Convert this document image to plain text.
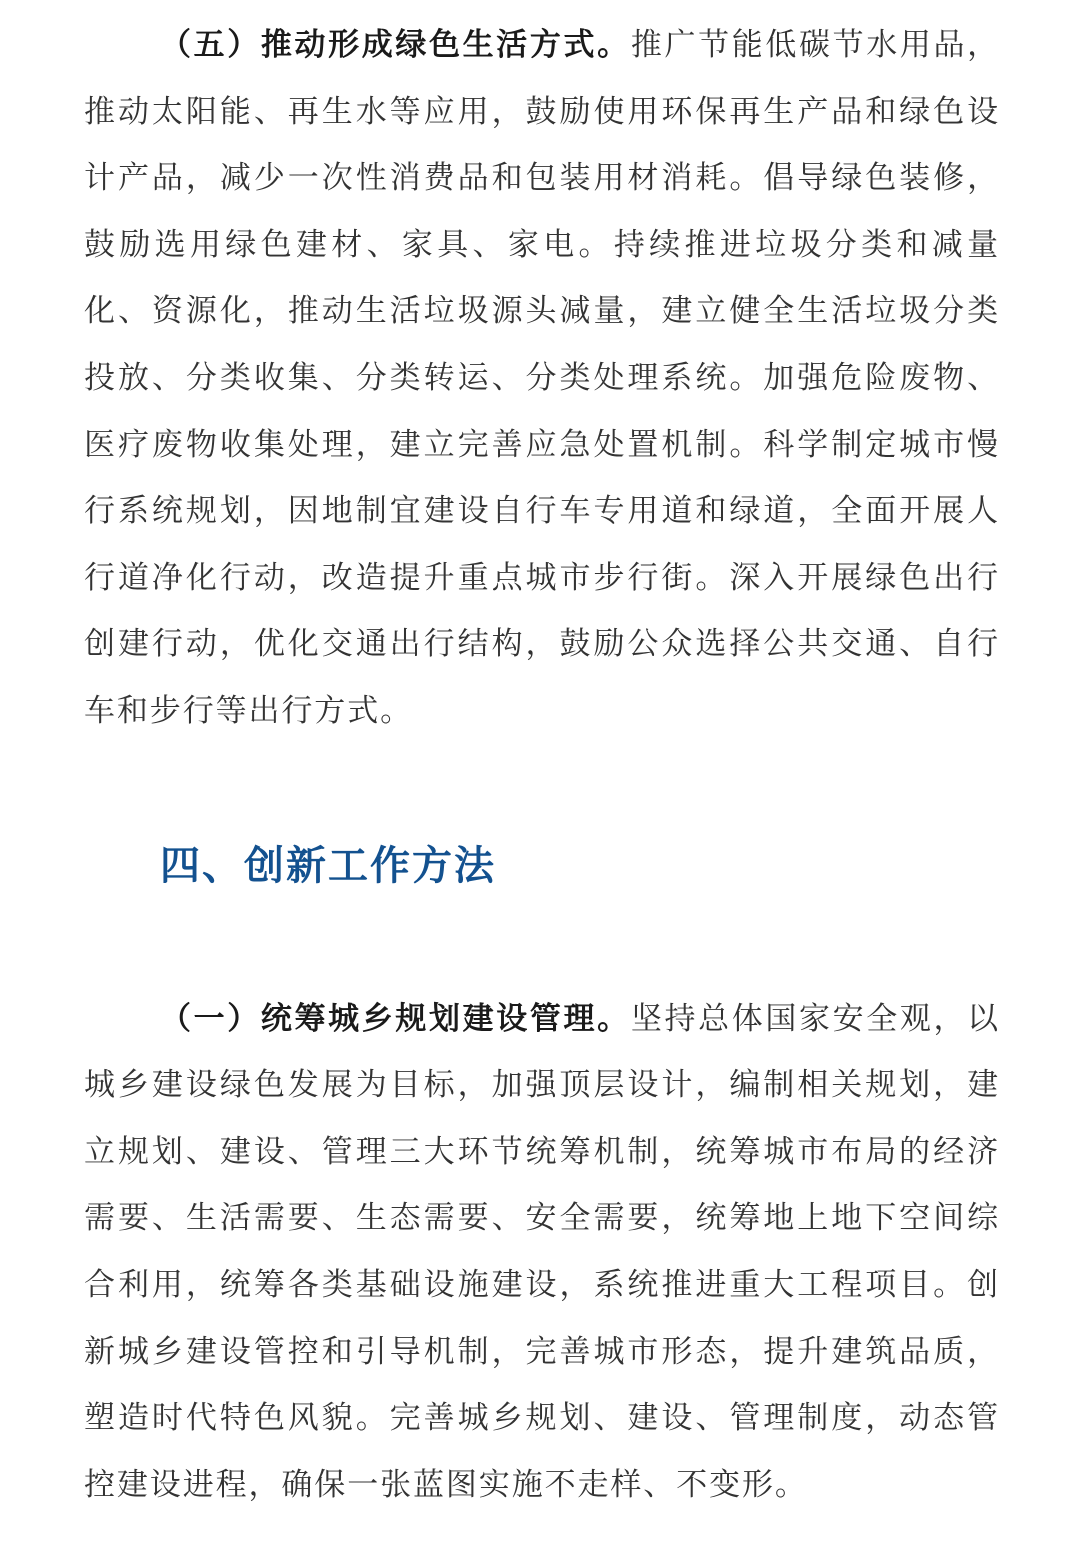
（五）推动形成绿色生活方式。推广节能低碳节水用品，推动太阳能、再生水等应用，鼓励使用环保再生产品和绿色设计产品，减少一次性消费品和包装用材消耗。倡导绿色装修，鼓励选用绿色建材、家具、家电。持续推进垃圾分类和减量化、资源化，推动生活垃圾源头减量，建立健全生活垃圾分类投放、分类收集、分类转运、分类处理系统。加强危险废物、医疗废物收集处理，建立完善应急处置机制。科学制定城市慢行系统规划，因地制宜建设自行车专用道和绿道，全面开展人行道净化行动，改造提升重点城市步行街。深入开展绿色出行创建行动，优化交通出行结构，鼓励公众选择公共交通、自行车和步行等出行方式。

四、创新工作方法

（一）统筹城乡规划建设管理。坚持总体国家安全观，以城乡建设绿色发展为目标，加强顶层设计，编制相关规划，建立规划、建设、管理三大环节统筹机制，统筹城市布局的经济需要、生活需要、生态需要、安全需要，统筹地上地下空间综合利用，统筹各类基础设施建设，系统推进重大工程项目。创新城乡建设管控和引导机制，完善城市形态，提升建筑品质，塑造时代特色风貌。完善城乡规划、建设、管理制度，动态管控建设进程，确保一张蓝图实施不走样、不变形。
